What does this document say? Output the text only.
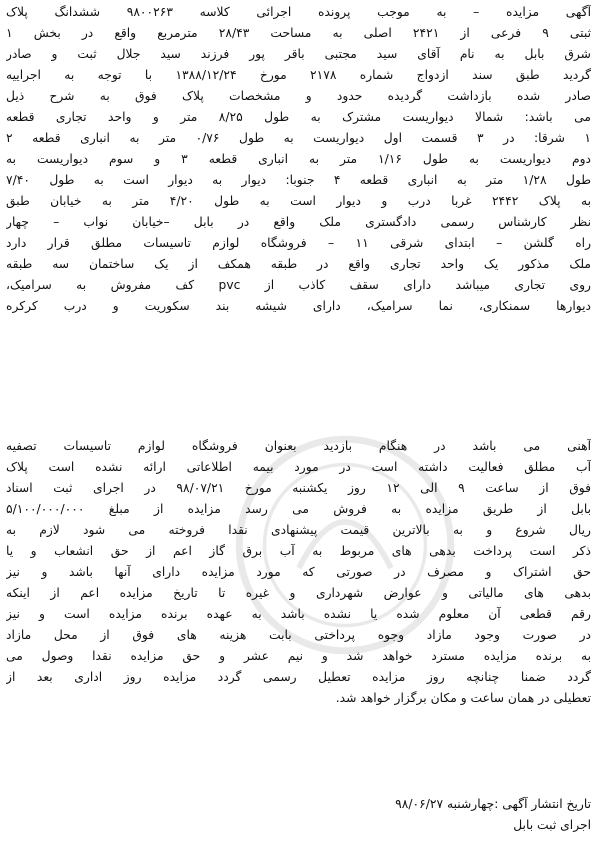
آگهی مزایده – به موجب پرونده اجرائی کلاسه ۹۸۰۰۲۶۳ ششدانگ پلاک
ثبتی ۹ فرعی از ۲۴۲۱ اصلی به مساحت ۲۸/۴۳ مترمربع واقع در بخش ۱
شرق بابل به نام آقای سید مجتبی باقر پور فرزند سید جلال ثبت و صادر
گردید طبق سند ازدواج شماره ۲۱۷۸ مورخ ۱۳۸۸/۱۲/۲۴ با توجه به اجراییه
صادر شده بازداشت گردیده حدود و مشخصات پلاک فوق به شرح ذیل
می باشد: شمالا دیواریست مشترک به طول ۸/۲۵ متر و واحد تجاری قطعه
۱ شرقا: در ۳ قسمت اول دیواریست به طول ۰/۷۶ متر به انباری قطعه ۲
دوم دیواریست به طول ۱/۱۶ متر به انباری قطعه ۳ و سوم دیواریست به
طول ۱/۲۸ متر به انباری قطعه ۴ جنوبا: دیوار به دیوار است به طول ۷/۴۰
به پلاک ۲۴۴۲ غربا درب و دیوار است به طول ۴/۲۰ متر به خیابان طبق
نظر کارشناس رسمی دادگستری ملک واقع در بابل –خیابان نواب – چهار
راه گلشن – ابتدای شرقی ۱۱ – فروشگاه لوازم تاسیسات مطلق قرار دارد
ملک مذکور یک واحد تجاری واقع در طبقه همکف از یک ساختمان سه طبقه
روی تجاری میباشد دارای سقف کاذب از pvc کف مفروش به سرامیک،
دیوارها سمنکاری، نما سرامیک، دارای شیشه بند سکوریت و درب کرکره
آهنی می باشد در هنگام بازدید بعنوان فروشگاه لوازم تاسیسات تصفیه
آب مطلق فعالیت داشته است در مورد بیمه اطلاعاتی ارائه نشده است پلاک
فوق از ساعت ۹ الی ۱۲ روز یکشنبه مورخ ۹۸/۰۷/۲۱ در اجرای ثبت اسناد
بابل از طریق مزایده به فروش می رسد مزایده از مبلغ ۵/۱۰۰/۰۰۰/۰۰۰
ریال شروع و به بالاترین قیمت پیشنهادی نقدا فروخته می شود لازم به
ذکر است پرداخت بدهی های مربوط به آب برق گاز اعم از حق انشعاب و یا
حق اشتراک و مصرف در صورتی که مورد مزایده دارای آنها باشد و نیز
بدهی های مالیاتی و عوارض شهرداری و غیره تا تاریخ مزایده اعم از اینکه
رقم قطعی آن معلوم شده یا نشده باشد به عهده برنده مزایده است و نیز
در صورت وجود مازاد وجوه پرداختی بابت هزینه های فوق از محل مازاد
به برنده مزایده مسترد خواهد شد و نیم عشر و حق مزایده نقدا وصول می
گردد ضمنا چنانچه روز مزایده تعطیل رسمی گردد مزایده روز اداری بعد از
تعطیلی در همان ساعت و مکان برگزار خواهد شد.
تاریخ انتشار آگهی :چهارشنبه ۹۸/۰۶/۲۷
اجرای ثبت بابل
